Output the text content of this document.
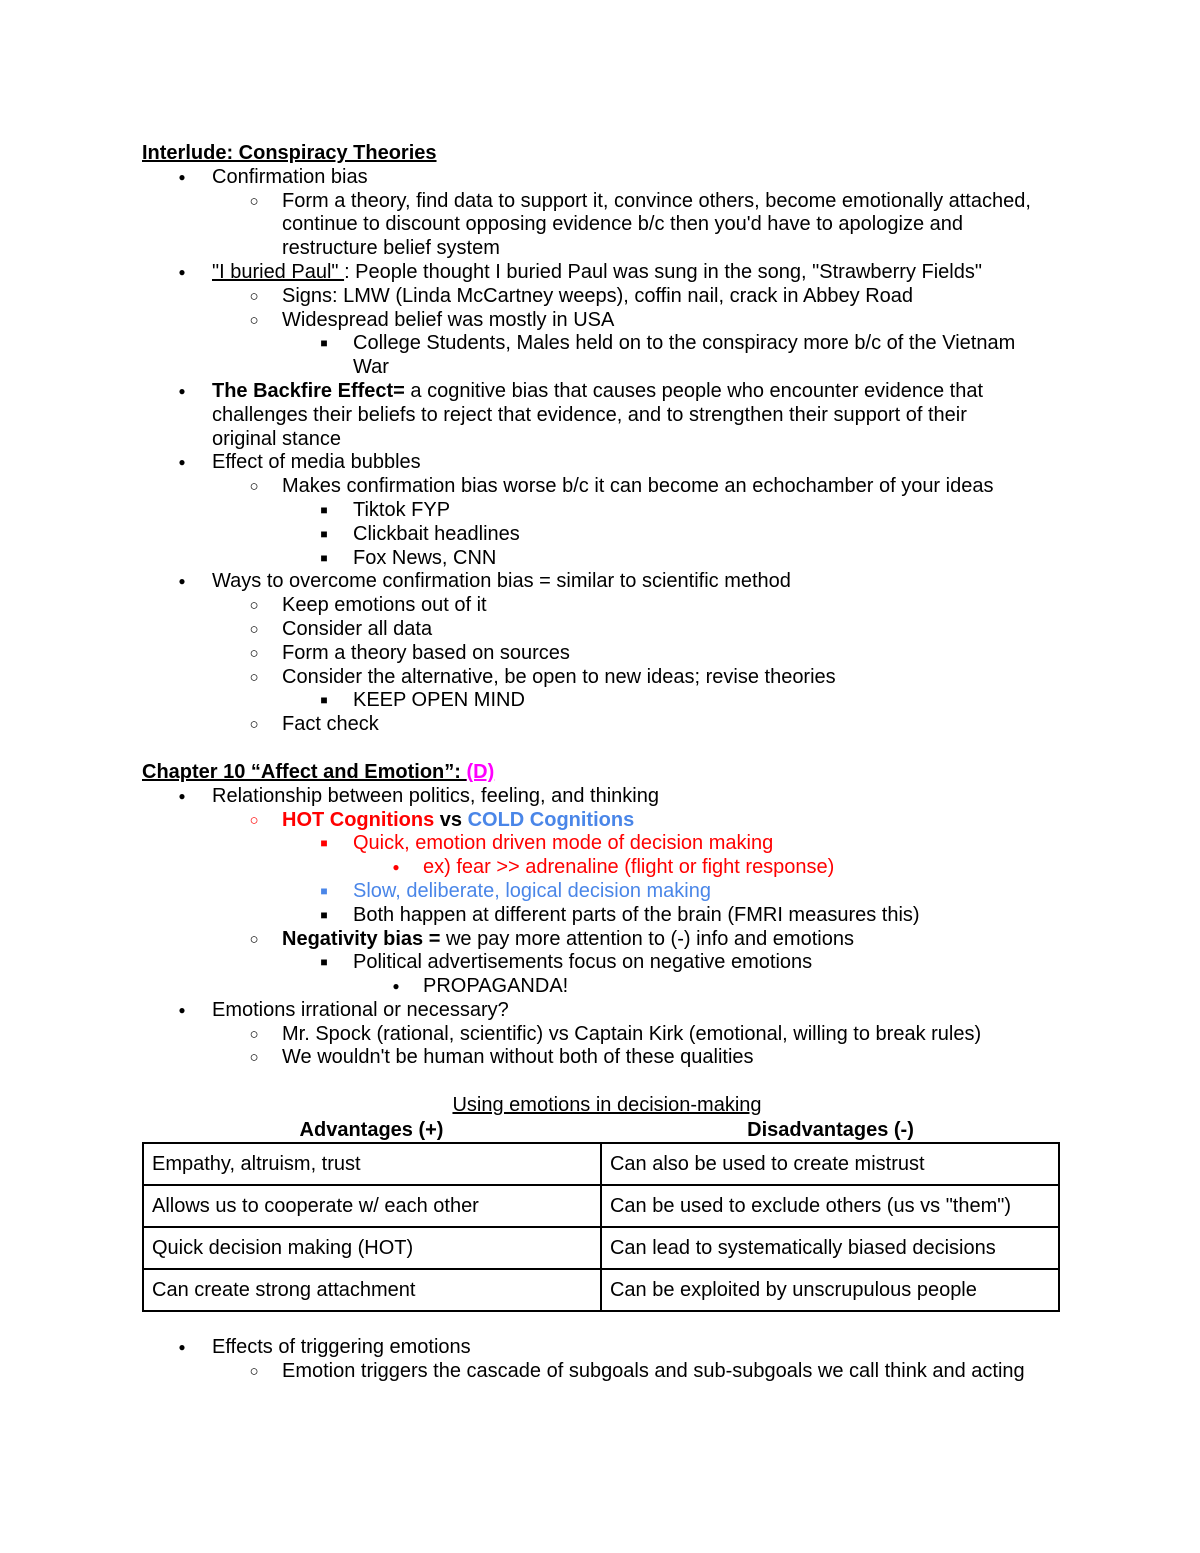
Interlude: Conspiracy Theories
●	Confirmation bias
○ Form a theory, find data to support it, convince others, become emotionally attached,
continue to discount opposing evidence b/c then you'd have to apologize and
restructure belief system
●	"I buried Paul" : People thought I buried Paul was sung in the song, "Strawberry Fields"
○ Signs: LMW (Linda McCartney weeps), coffin nail, crack in Abbey Road
○ Widespread belief was mostly in USA
■	College Students, Males held on to the conspiracy more b/c of the Vietnam
War
●	The Backfire Effect= a cognitive bias that causes people who encounter evidence that
challenges their beliefs to reject that evidence, and to strengthen their support of their
original stance
●	Effect of media bubbles
○ Makes confirmation bias worse b/c it can become an echochamber of your ideas
■	Tiktok FYP
■	Clickbait headlines
■	Fox News, CNN
●	Ways to overcome confirmation bias = similar to scientific method
○ Keep emotions out of it
○ Consider all data
○ Form a theory based on sources
○ Consider the alternative, be open to new ideas; revise theories
■	KEEP OPEN MIND
○ Fact check
Chapter 10 “Affect and Emotion”: (D)
●	Relationship between politics, feeling, and thinking
○ HOT Cognitions vs COLD Cognitions
■	Quick, emotion driven mode of decision making
●	ex) fear >> adrenaline (flight or fight response)
■	Slow, deliberate, logical decision making
■	Both happen at different parts of the brain (FMRI measures this)
○ Negativity bias = we pay more attention to (-) info and emotions
■	Political advertisements focus on negative emotions
●	PROPAGANDA!
●	Emotions irrational or necessary?
○ Mr. Spock (rational, scientific) vs Captain Kirk (emotional, willing to break rules)
○ We wouldn't be human without both of these qualities
Using emotions in decision-making
Advantages (+)	Disadvantages (-)
Empathy, altruism, trust	Can also be used to create mistrust
Allows us to cooperate w/ each other	Can be used to exclude others (us vs "them")
Quick decision making (HOT)	Can lead to systematically biased decisions
Can create strong attachment	Can be exploited by unscrupulous people
●	Effects of triggering emotions
○ Emotion triggers the cascade of subgoals and sub-subgoals we call think and acting
